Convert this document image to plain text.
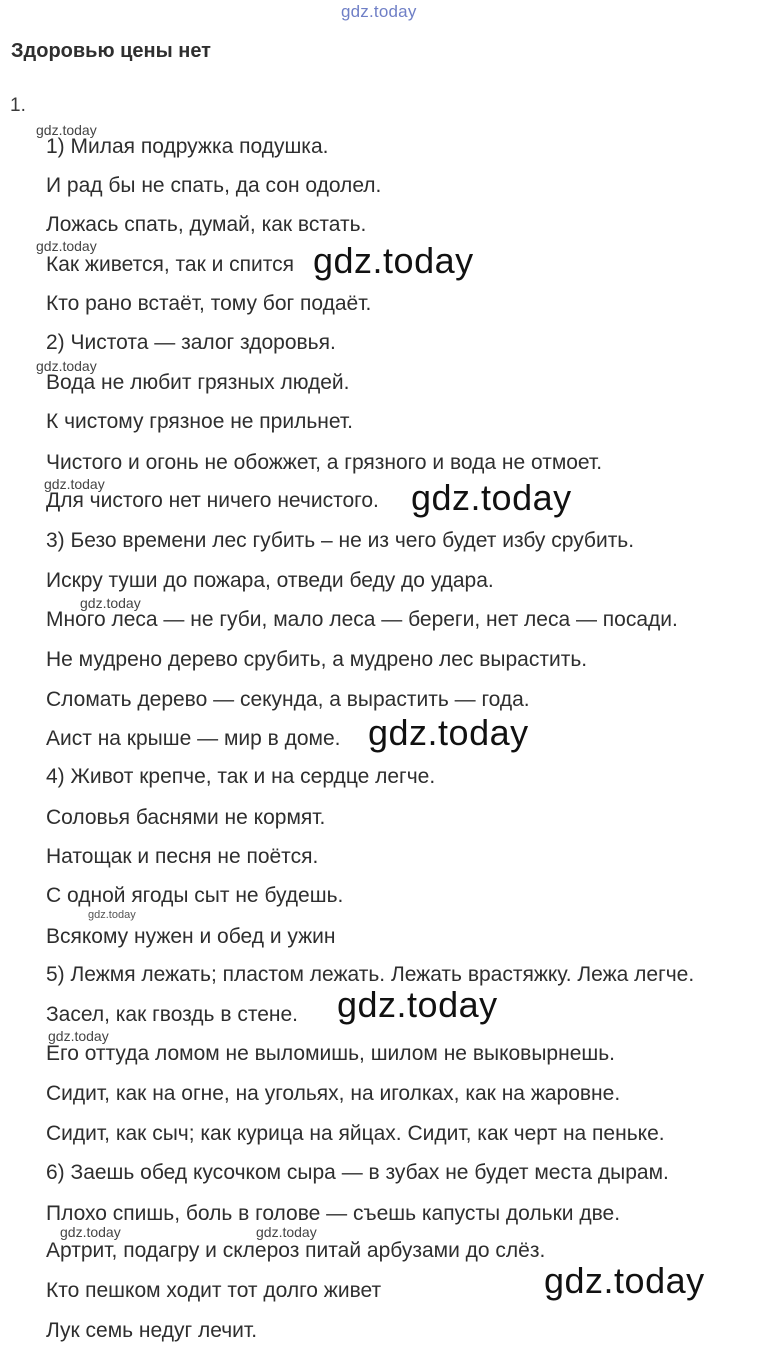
gdz.today
Здоровью цены нет
1.
1) Милая подружка подушка.
И рад бы не спать, да сон одолел.
Ложась спать, думай, как встать.
Как живется, так и спится
Кто рано встаёт, тому бог подаёт.
2) Чистота — залог здоровья.
Вода не любит грязных людей.
К чистому грязное не прильнет.
Чистого и огонь не обожжет, а грязного и вода не отмоет.
Для чистого нет ничего нечистого.
3) Безо времени лес губить – не из чего будет избу срубить.
Искру туши до пожара, отведи беду до удара.
Много леса — не губи, мало леса — береги, нет леса — посади.
Не мудрено дерево срубить, а мудрено лес вырастить.
Сломать дерево — секунда, а вырастить — года.
Аист на крыше — мир в доме.
4) Живот крепче, так и на сердце легче.
Соловья баснями не кормят.
Натощак и песня не поётся.
С одной ягоды сыт не будешь.
Всякому нужен и обед и ужин
5) Лежмя лежать; пластом лежать. Лежать врастяжку. Лежа легче.
Засел, как гвоздь в стене.
Его оттуда ломом не выломишь, шилом не выковырнешь.
Сидит, как на огне, на угольях, на иголках, как на жаровне.
Сидит, как сыч; как курица на яйцах. Сидит, как черт на пеньке.
6) Заешь обед кусочком сыра — в зубах не будет места дырам.
Плохо спишь, боль в голове — съешь капусты дольки две.
Артрит, подагру и склероз питай арбузами до слёз.
Кто пешком ходит тот долго живет
Лук семь недуг лечит.
gdz.today
gdz.today
gdz.today
gdz.today
gdz.today
gdz.today
gdz.today
gdz.today	gdz.today
gdz.today
gdz.today
gdz.today
gdz.today
gdz.today
